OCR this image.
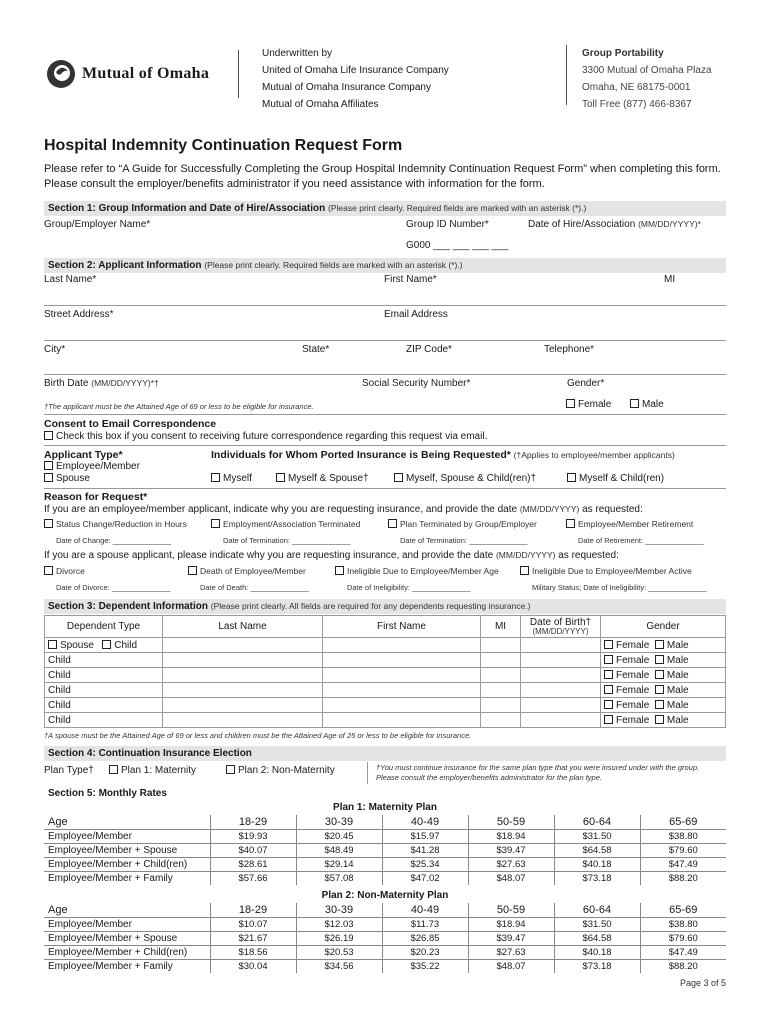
Mutual of Omaha
Underwritten by
United of Omaha Life Insurance Company
Mutual of Omaha Insurance Company
Mutual of Omaha Affiliates
Group Portability
3300 Mutual of Omaha Plaza
Omaha, NE 68175-0001
Toll Free (877) 466-8367
Hospital Indemnity Continuation Request Form
Please refer to “A Guide for Successfully Completing the Group Hospital Indemnity Continuation Request Form” when completing this form. Please consult the employer/benefits administrator if you need assistance with information for the form.
Section 1: Group Information and Date of Hire/Association (Please print clearly. Required fields are marked with an asterisk (*).)
Group/Employer Name*	Group ID Number*
G000 ___ ___ ___ ___
Date of Hire/Association (MM/DD/YYYY)*
Section 2: Applicant Information (Please print clearly. Required fields are marked with an asterisk (*).)
Last Name*	First Name*	MI
Street Address*	Email Address
City*	State*	ZIP Code*	Telephone*
Birth Date (MM/DD/YYYY)*†	Social Security Number*	Gender*
Female	Male
†The applicant must be the Attained Age of 69 or less to be eligible for insurance.
Consent to Email Correspondence
Check this box if you consent to receiving future correspondence regarding this request via email.
Applicant Type*
Employee/Member
Spouse
Individuals for Whom Ported Insurance is Being Requested* (†Applies to employee/member applicants)
Myself	Myself & Spouse†	Myself, Spouse & Child(ren)†	Myself & Child(ren)
Reason for Request*
If you are an employee/member applicant, indicate why you are requesting insurance, and provide the date (MM/DD/YYYY) as requested:
Status Change/Reduction in Hours	Employment/Association Terminated	Plan Terminated by Group/Employer	Employee/Member Retirement
Date of Change: ______________	Date of Termination: ______________	Date of Termination: ______________	Date of Retirement: ______________
If you are a spouse applicant, please indicate why you are requesting insurance, and provide the date (MM/DD/YYYY) as requested:
Divorce	Death of Employee/Member	Ineligible Due to Employee/Member Age	Ineligible Due to Employee/Member Active
Date of Divorce: ______________	Date of Death: ______________	Date of Ineligibility: ______________	Military Status; Date of Ineligibility: ______________
Section 3: Dependent Information (Please print clearly. All fields are required for any dependents requesting insurance.)
Dependent Type	Last Name	First Name	MI	Date of Birth†
(MM/DD/YYYY)	Gender
Spouse Child					Female Male
Child					Female Male
Child					Female Male
Child					Female Male
Child					Female Male
Child					Female Male
†A spouse must be the Attained Age of 69 or less and children must be the Attained Age of 25 or less to be eligible for insurance.
Section 4: Continuation Insurance Election
Plan Type†	Plan 1: Maternity	Plan 2: Non-Maternity	†You must continue insurance for the same plan type that you were insured under with the group.
Please consult the employer/benefits administrator for the plan type.
Section 5: Monthly Rates
Plan 1: Maternity Plan
Age	18-29	30-39	40-49	50-59	60-64	65-69
Employee/Member	$19.93	$20.45	$15.97	$18.94	$31.50	$38.80
Employee/Member + Spouse	$40.07	$48.49	$41.28	$39.47	$64.58	$79.60
Employee/Member + Child(ren)	$28.61	$29.14	$25.34	$27.63	$40.18	$47.49
Employee/Member + Family	$57.66	$57.08	$47.02	$48.07	$73.18	$88.20
Plan 2: Non-Maternity Plan
Age	18-29	30-39	40-49	50-59	60-64	65-69
Employee/Member	$10.07	$12.03	$11.73	$18.94	$31.50	$38.80
Employee/Member + Spouse	$21.67	$26.19	$26.85	$39.47	$64.58	$79.60
Employee/Member + Child(ren)	$18.56	$20.53	$20.23	$27.63	$40.18	$47.49
Employee/Member + Family	$30.04	$34.56	$35.22	$48.07	$73.18	$88.20
Page 3 of 5
